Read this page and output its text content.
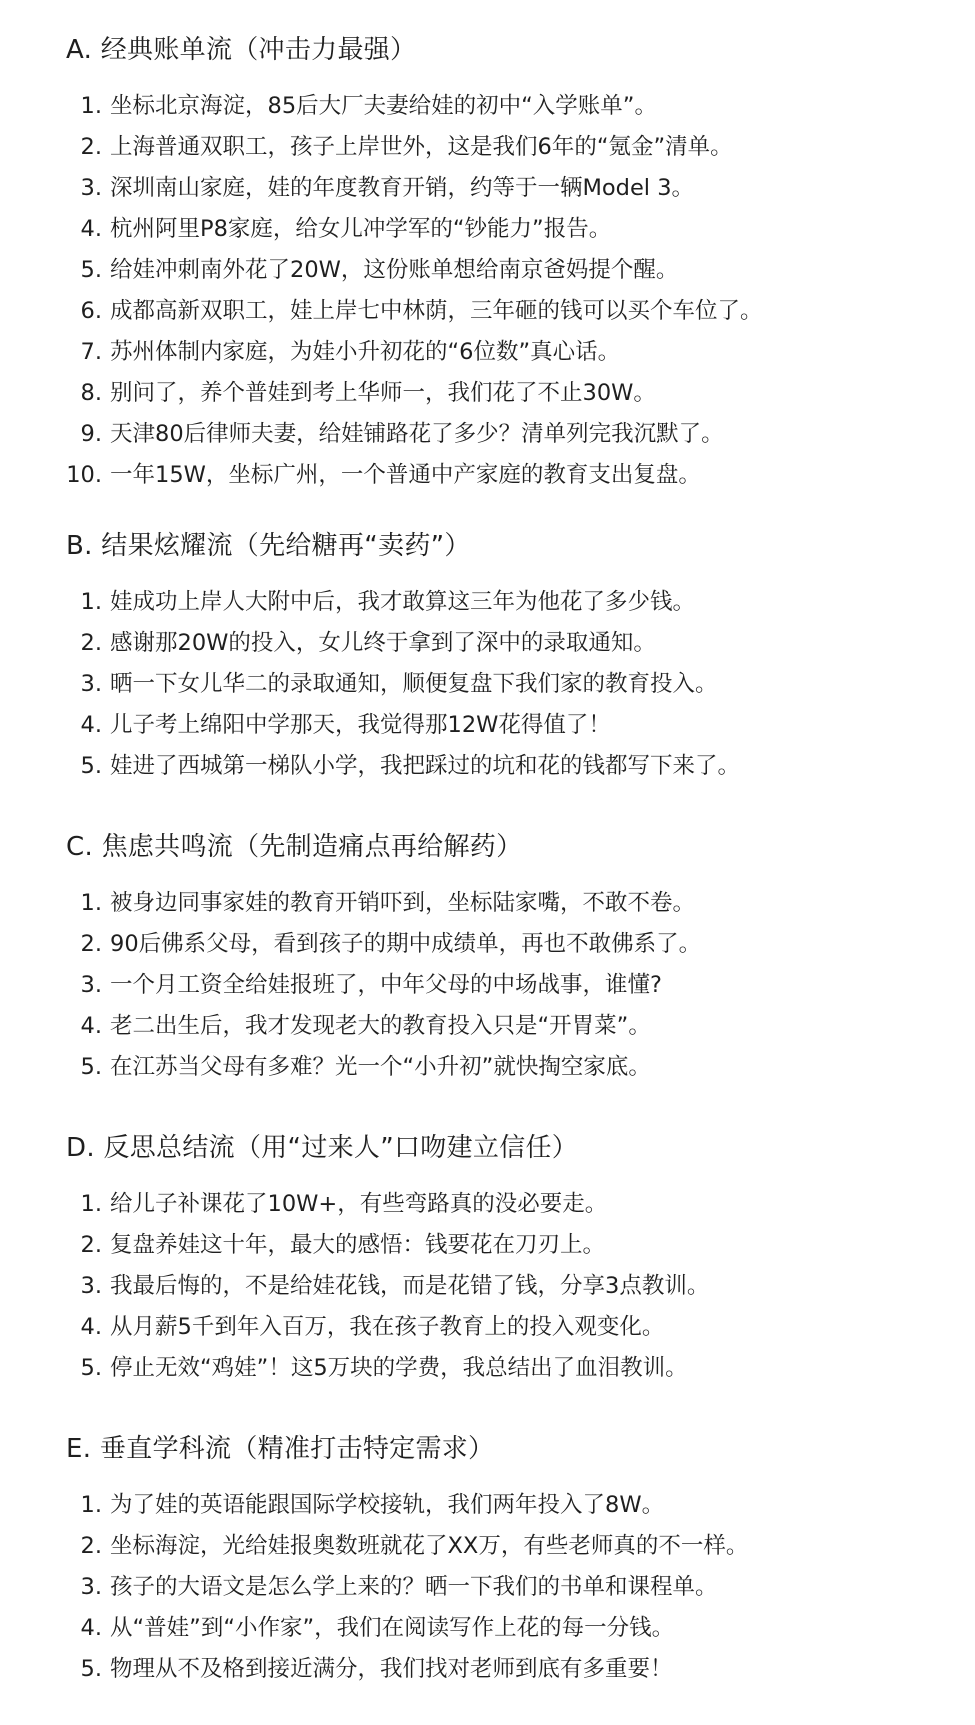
A. 经典账单流（冲击力最强）
1. 坐标北京海淀，85后大厂夫妻给娃的初中“入学账单”。
2. 上海普通双职工，孩子上岸世外，这是我们6年的“氪金”清单。
3. 深圳南山家庭，娃的年度教育开销，约等于一辆Model 3。
4. 杭州阿里P8家庭，给女儿冲学军的“钞能力”报告。
5. 给娃冲刺南外花了20W，这份账单想给南京爸妈提个醒。
6. 成都高新双职工，娃上岸七中林荫，三年砸的钱可以买个车位了。
7. 苏州体制内家庭，为娃小升初花的“6位数”真心话。
8. 别问了，养个普娃到考上华师一，我们花了不止30W。
9. 天津80后律师夫妻，给娃铺路花了多少？清单列完我沉默了。
10. 一年15W，坐标广州，一个普通中产家庭的教育支出复盘。
B. 结果炫耀流（先给糖再“卖药”）
1. 娃成功上岸人大附中后，我才敢算这三年为他花了多少钱。
2. 感谢那20W的投入，女儿终于拿到了深中的录取通知。
3. 晒一下女儿华二的录取通知，顺便复盘下我们家的教育投入。
4. 儿子考上绵阳中学那天，我觉得那12W花得值了！
5. 娃进了西城第一梯队小学，我把踩过的坑和花的钱都写下来了。
C. 焦虑共鸣流（先制造痛点再给解药）
1. 被身边同事家娃的教育开销吓到，坐标陆家嘴，不敢不卷。
2. 90后佛系父母，看到孩子的期中成绩单，再也不敢佛系了。
3. 一个月工资全给娃报班了，中年父母的中场战事，谁懂?
4. 老二出生后，我才发现老大的教育投入只是“开胃菜”。
5. 在江苏当父母有多难？光一个“小升初”就快掏空家底。
D. 反思总结流（用“过来人”口吻建立信任）
1. 给儿子补课花了10W+，有些弯路真的没必要走。
2. 复盘养娃这十年，最大的感悟：钱要花在刀刃上。
3. 我最后悔的，不是给娃花钱，而是花错了钱，分享3点教训。
4. 从月薪5千到年入百万，我在孩子教育上的投入观变化。
5. 停止无效“鸡娃”！这5万块的学费，我总结出了血泪教训。
E. 垂直学科流（精准打击特定需求）
1. 为了娃的英语能跟国际学校接轨，我们两年投入了8W。
2. 坐标海淀，光给娃报奥数班就花了XX万，有些老师真的不一样。
3. 孩子的大语文是怎么学上来的？晒一下我们的书单和课程单。
4. 从“普娃”到“小作家”，我们在阅读写作上花的每一分钱。
5. 物理从不及格到接近满分，我们找对老师到底有多重要！
